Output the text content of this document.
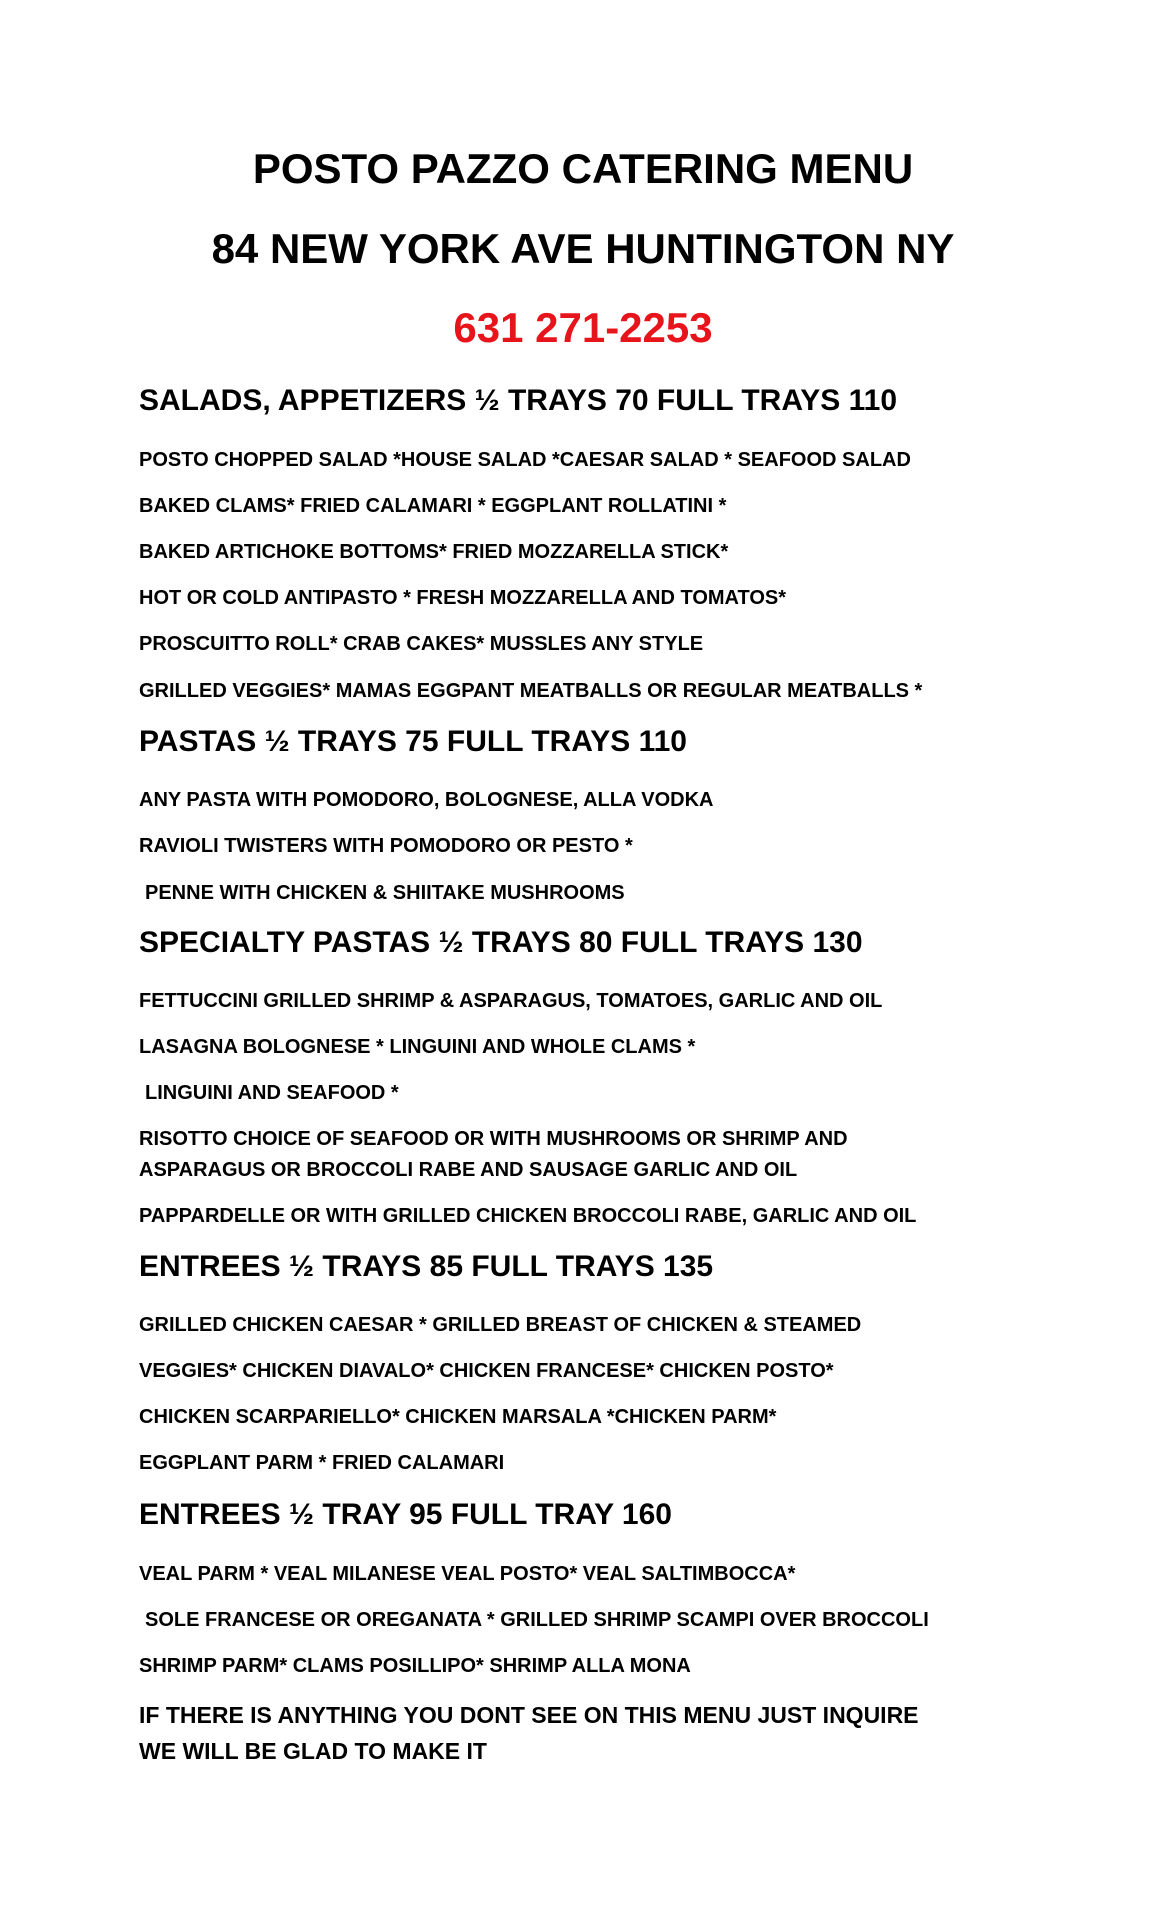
POSTO PAZZO CATERING MENU
84 NEW YORK AVE HUNTINGTON NY
631 271-2253
SALADS, APPETIZERS ½ TRAYS 70 FULL TRAYS 110
POSTO CHOPPED SALAD *HOUSE SALAD *CAESAR SALAD * SEAFOOD SALAD
BAKED CLAMS* FRIED CALAMARI * EGGPLANT ROLLATINI *
BAKED ARTICHOKE BOTTOMS* FRIED MOZZARELLA STICK*
HOT OR COLD ANTIPASTO * FRESH MOZZARELLA AND TOMATOS*
PROSCUITTO ROLL* CRAB CAKES* MUSSLES ANY STYLE
GRILLED VEGGIES* MAMAS EGGPANT MEATBALLS OR REGULAR MEATBALLS *
PASTAS ½ TRAYS 75 FULL TRAYS 110
ANY PASTA WITH POMODORO, BOLOGNESE, ALLA VODKA
RAVIOLI TWISTERS WITH POMODORO OR PESTO *
PENNE WITH CHICKEN & SHIITAKE MUSHROOMS
SPECIALTY PASTAS ½ TRAYS 80 FULL TRAYS 130
FETTUCCINI GRILLED SHRIMP & ASPARAGUS, TOMATOES, GARLIC AND OIL
LASAGNA BOLOGNESE * LINGUINI AND WHOLE CLAMS *
LINGUINI AND SEAFOOD *
RISOTTO CHOICE OF SEAFOOD OR WITH MUSHROOMS OR SHRIMP AND
ASPARAGUS OR BROCCOLI RABE AND SAUSAGE GARLIC AND OIL
PAPPARDELLE OR WITH GRILLED CHICKEN BROCCOLI RABE, GARLIC AND OIL
ENTREES ½ TRAYS 85 FULL TRAYS 135
GRILLED CHICKEN CAESAR * GRILLED BREAST OF CHICKEN & STEAMED
VEGGIES* CHICKEN DIAVALO* CHICKEN FRANCESE* CHICKEN POSTO*
CHICKEN SCARPARIELLO* CHICKEN MARSALA *CHICKEN PARM*
EGGPLANT PARM * FRIED CALAMARI
ENTREES ½ TRAY 95 FULL TRAY 160
VEAL PARM * VEAL MILANESE VEAL POSTO* VEAL SALTIMBOCCA*
SOLE FRANCESE OR OREGANATA * GRILLED SHRIMP SCAMPI OVER BROCCOLI
SHRIMP PARM* CLAMS POSILLIPO* SHRIMP ALLA MONA
IF THERE IS ANYTHING YOU DONT SEE ON THIS MENU JUST INQUIRE
WE WILL BE GLAD TO MAKE IT
